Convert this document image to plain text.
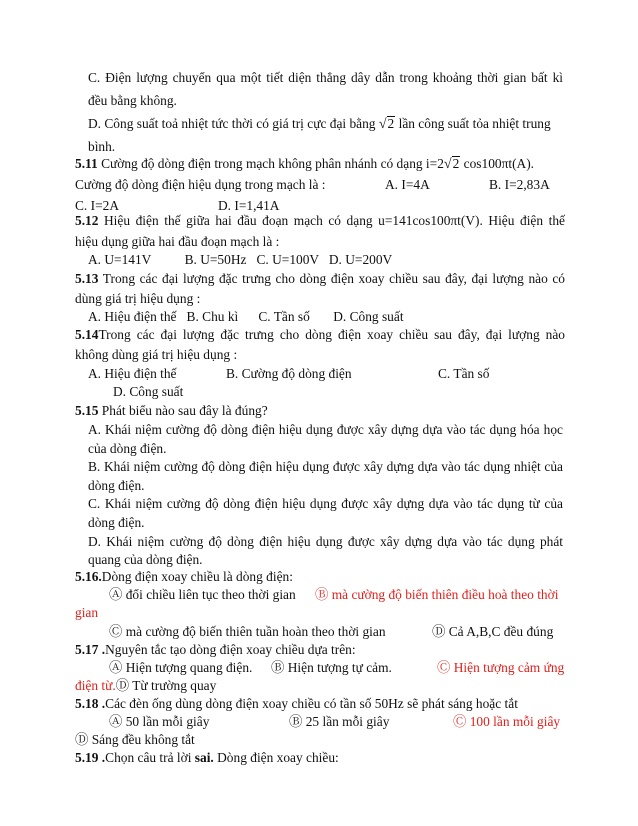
C. Điện lượng chuyển qua một tiết diện thẳng dây dẫn trong khoảng thời gian bất kì
đều bằng không.
D. Công suất toả nhiệt tức thời có giá trị cực đại bằng √2 lần công suất tỏa nhiệt trung
bình.
5.11 Cường độ dòng điện trong mạch không phân nhánh có dạng i=2√2 cos100πt(A).
Cường độ dòng điện hiệu dụng trong mạch là :	A. I=4A	B. I=2,83A
C. I=2A	D. I=1,41A
5.12 Hiệu điện thế giữa hai đầu đoạn mạch có dạng u=141cos100πt(V). Hiệu điện thế
hiệu dụng giữa hai đầu đoạn mạch là :
A. U=141V          B. U=50Hz   C. U=100V   D. U=200V
5.13 Trong các đại lượng đặc trưng cho dòng điện xoay chiều sau đây, đại lượng nào có
dùng giá trị hiệu dụng :
A. Hiệu điện thế   B. Chu kì      C. Tần số       D. Công suất
5.14Trong các đại lượng đặc trưng cho dòng điện xoay chiều sau đây, đại lượng nào
không dùng giá trị hiệu dụng :
A. Hiệu điện thế	B. Cường độ dòng điện	C. Tần số
D. Công suất
5.15 Phát biểu nào sau đây là đúng?
A. Khái niệm cường độ dòng điện hiệu dụng được xây dựng dựa vào tác dụng hóa học
của dòng điện.
B. Khái niệm cường độ dòng điện hiệu dụng được xây dựng dựa vào tác dụng nhiệt của
dòng điện.
C. Khái niệm cường độ dòng điện hiệu dụng được xây dựng dựa vào tác dụng từ của
dòng điện.
D. Khái niệm cường độ dòng điện hiệu dụng được xây dựng dựa vào tác dụng phát
quang của dòng điện.
5.16.Dòng điện xoay chiều là dòng điện:
Ⓐ đổi chiều liên tục theo thời gian Ⓑ mà cường độ biến thiên điều hoà theo thời
gian
Ⓒ mà cường độ biến thiên tuần hoàn theo thời gian	Ⓓ Cả A,B,C đều đúng
5.17 .Nguyên tắc tạo dòng điện xoay chiều dựa trên:
Ⓐ Hiện tượng quang điện. Ⓑ Hiện tượng tự cảm.	Ⓒ Hiện tượng cảm ứng
điện từ.Ⓓ Từ trường quay
5.18 .Các đèn ống dùng dòng điện xoay chiều có tần số 50Hz sẽ phát sáng hoặc tắt
Ⓐ 50 lần mỗi giây	Ⓑ 25 lần mỗi giây	Ⓒ 100 lần mỗi giây
Ⓓ Sáng đều không tắt
5.19 .Chọn câu trả lời sai. Dòng điện xoay chiều:
